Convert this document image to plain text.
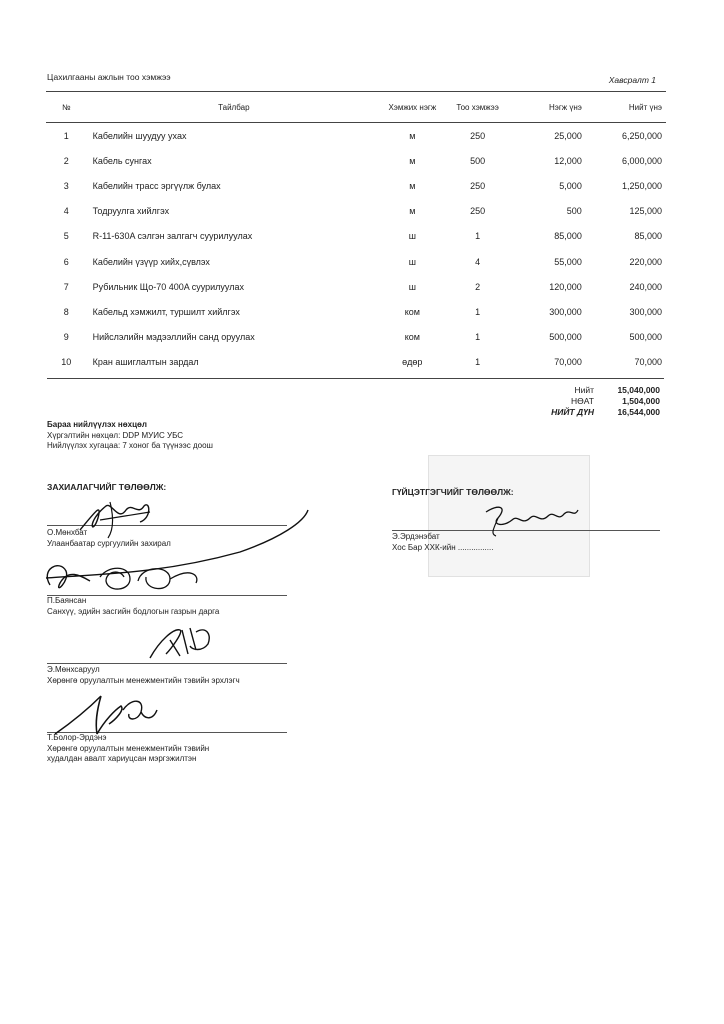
Цахилгааны ажлын тоо хэмжээ	Хавсралт 1
№	Тайлбар	Хэмжих нэгж	Тоо хэмжээ	Нэгж үнэ	Нийт үнэ
1	Кабелийн шуудуу ухах	м	250	25,000	6,250,000
2	Кабель сунгах	м	500	12,000	6,000,000
3	Кабелийн трасс эргүүлж булах	м	250	5,000	1,250,000
4	Тодруулга хийлгэх	м	250	500	125,000
5	R-11-630A сэлгэн залгагч суурилуулах	ш	1	85,000	85,000
6	Кабелийн үзүүр хийх,сүвлэх	ш	4	55,000	220,000
7	Рубильник Що-70 400A суурилуулах	ш	2	120,000	240,000
8	Кабельд хэмжилт, туршилт хийлгэх	ком	1	300,000	300,000
9	Нийслэлийн мэдээллийн санд оруулах	ком	1	500,000	500,000
10	Кран ашиглалтын зардал	өдөр	1	70,000	70,000
Нийт	15,040,000
НӨАТ	1,504,000
НИЙТ ДҮН	16,544,000
Бараа нийлүүлэх нөхцөл
Хүргэлтийн нөхцөл: DDP МУИС УБС
Нийлүүлэх хугацаа: 7 хоног ба түүнээс доош
ЗАХИАЛАГЧИЙГ ТӨЛӨӨЛЖ:
О.Мөнхбат
Улаанбаатар сургуулийн захирал
П.Баянсан
Санхүү, эдийн засгийн бодлогын газрын дарга
Э.Мөнхсаруул
Хөрөнгө оруулалтын менежментийн тэвийн эрхлэгч
Т.Болор-Эрдэнэ
Хөрөнгө оруулалтын менежментийн тэвийн
худалдан авалт хариуцсан мэргэжилтэн
ГҮЙЦЭТГЭГЧИЙГ ТӨЛӨӨЛЖ:
Э.Эрдэнэбат
Хос Бар ХХК-ийн ................
